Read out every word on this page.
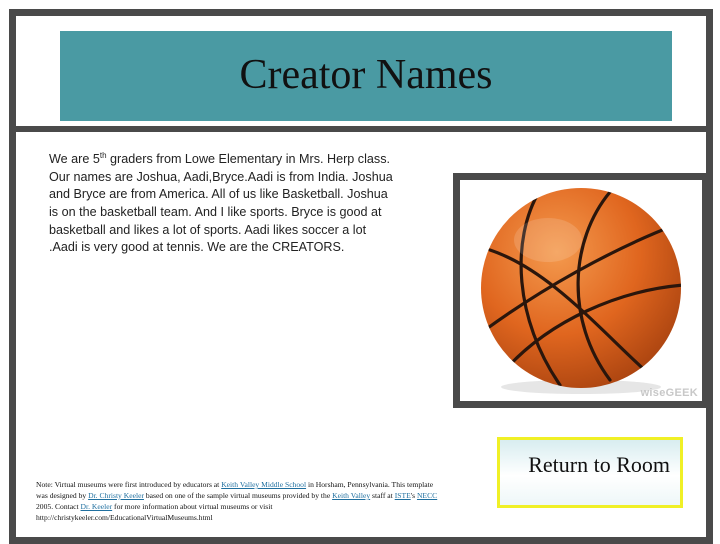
Creator Names
We are 5th graders from Lowe Elementary in Mrs. Herp class. Our names are Joshua, Aadi,Bryce.Aadi is from India. Joshua and Bryce are from America. All of us like Basketball. Joshua is on the basketball team. And I like sports. Bryce is good at basketball and likes a lot of sports. Aadi likes soccer a lot .Aadi is very good at tennis. We are the CREATORS.
wiseGEEK
Return to Room
Note: Virtual museums were first introduced by educators at Keith Valley Middle School in Horsham, Pennsylvania. This template was designed by Dr. Christy Keeler based on one of the sample virtual museums provided by the Keith Valley staff at ISTE's NECC 2005. Contact Dr. Keeler for more information about virtual museums or visit http://christykeeler.com/EducationalVirtualMuseums.html
